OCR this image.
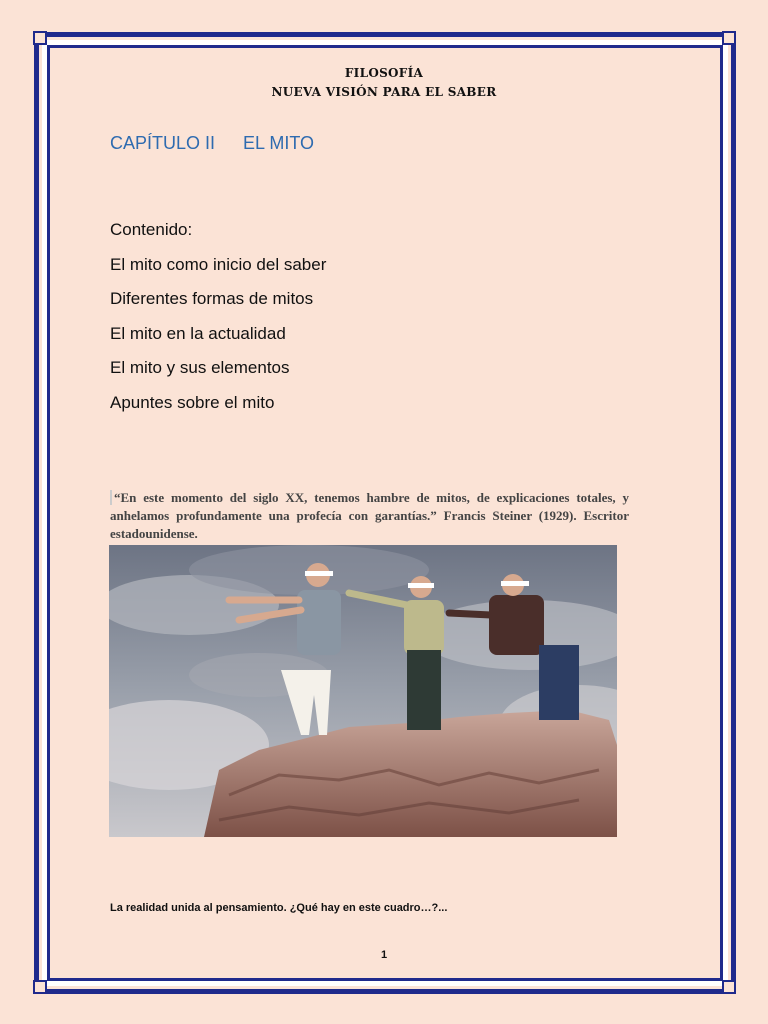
FILOSOFÍA
NUEVA VISIÓN PARA EL SABER
CAPÍTULO II EL MITO
Contenido:
El mito como inicio del saber
Diferentes formas de mitos
El mito en la actualidad
El mito y sus elementos
Apuntes sobre el mito
“En este momento del siglo XX, tenemos hambre de mitos, de explicaciones totales, y anhelamos profundamente una profecía con garantías.” Francis Steiner (1929). Escritor estadounidense.
La realidad unida al pensamiento. ¿Qué hay en este cuadro…?...
1
